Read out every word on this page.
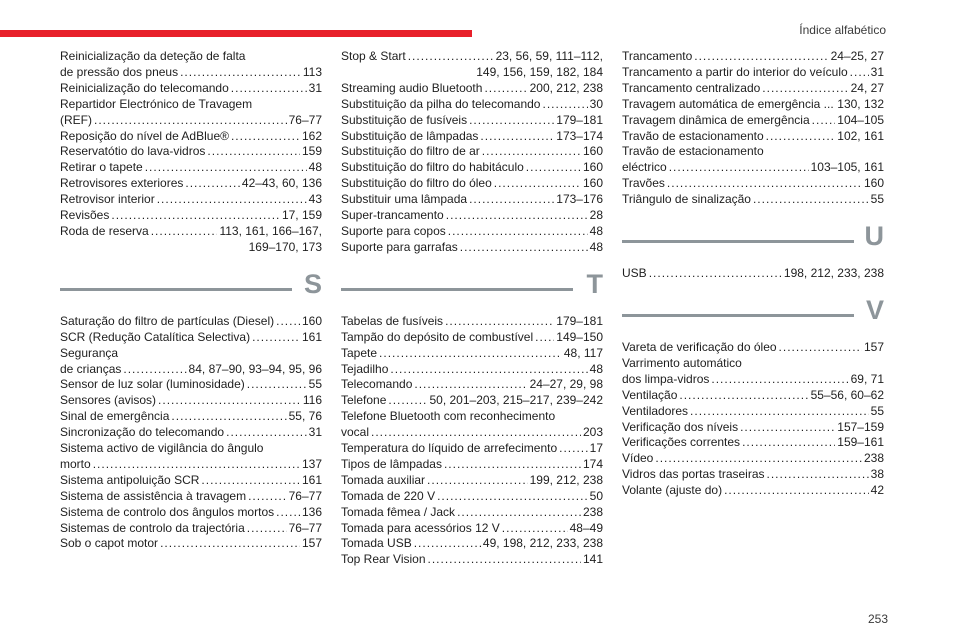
Índice alfabético
Reinicialização da deteção de falta
de pressão dos pneus .....	113
Reinicialização do telecomando .....	31
Repartidor Electrónico de Travagem
(REF) .....	76–77
Reposição do nível de AdBlue® .....	162
Reservatótio do lava-vidros .....	159
Retirar o tapete .....	48
Retrovisores exteriores .....	42–43, 60, 136
Retrovisor interior .....	43
Revisões .....	17, 159
Roda de reserva .....	113, 161, 166–167,
169–170, 173
S
Saturação do filtro de partículas (Diesel) ..... 160
SCR (Redução Catalítica Selectiva) .....	161
Segurança
de crianças .....	84, 87–90, 93–94, 95, 96
Sensor de luz solar (luminosidade) .....	55
Sensores (avisos) .....	116
Sinal de emergência .....	55, 76
Sincronização do telecomando .....	31
Sistema activo de vigilância do ângulo
morto .....	137
Sistema antipoluição SCR .....	161
Sistema de assistência à travagem .....	76–77
Sistema de controlo dos ângulos mortos ..... 136
Sistemas de controlo da trajectória .....	76–77
Sob o capot motor .....	157
Stop & Start .....	23, 56, 59, 111–112,
149, 156, 159, 182, 184
Streaming audio Bluetooth .....	200, 212, 238
Substituição da pilha do telecomando .....	30
Substituição de fusíveis .....	179–181
Substituição de lâmpadas .....	173–174
Substituição do filtro de ar .....	160
Substituição do filtro do habitáculo .....	160
Substituição do filtro do óleo .....	160
Substituir uma lâmpada .....	173–176
Super-trancamento .....	28
Suporte para copos .....	48
Suporte para garrafas .....	48
T
Tabelas de fusíveis .....	179–181
Tampão do depósito de combustível ..... 149–150
Tapete .....	48, 117
Tejadilho .....	48
Telecomando .....	24–27, 29, 98
Telefone .....	50, 201–203, 215–217, 239–242
Telefone Bluetooth com reconhecimento
vocal .....	203
Temperatura do líquido de arrefecimento .....	17
Tipos de lâmpadas .....	174
Tomada auxiliar .....	199, 212, 238
Tomada de 220 V .....	50
Tomada fêmea / Jack .....	238
Tomada para acessórios 12 V .....	48–49
Tomada USB .....	49, 198, 212, 233, 238
Top Rear Vision .....	141
Trancamento .....	24–25, 27
Trancamento a partir do interior do veículo ..... 31
Trancamento centralizado .....	24, 27
Travagem automática de emergência ... 130, 132
Travagem dinâmica de emergência ..... 104–105
Travão de estacionamento .....	102, 161
Travão de estacionamento
eléctrico .....	103–105, 161
Travões .....	160
Triângulo de sinalização .....	55
U
USB .....	198, 212, 233, 238
V
Vareta de verificação do óleo .....	157
Varrimento automático
dos limpa-vidros .....	69, 71
Ventilação .....	55–56, 60–62
Ventiladores .....	55
Verificação dos níveis .....	157–159
Verificações correntes .....	159–161
Vídeo .....	238
Vidros das portas traseiras .....	38
Volante (ajuste do) .....	42
253
